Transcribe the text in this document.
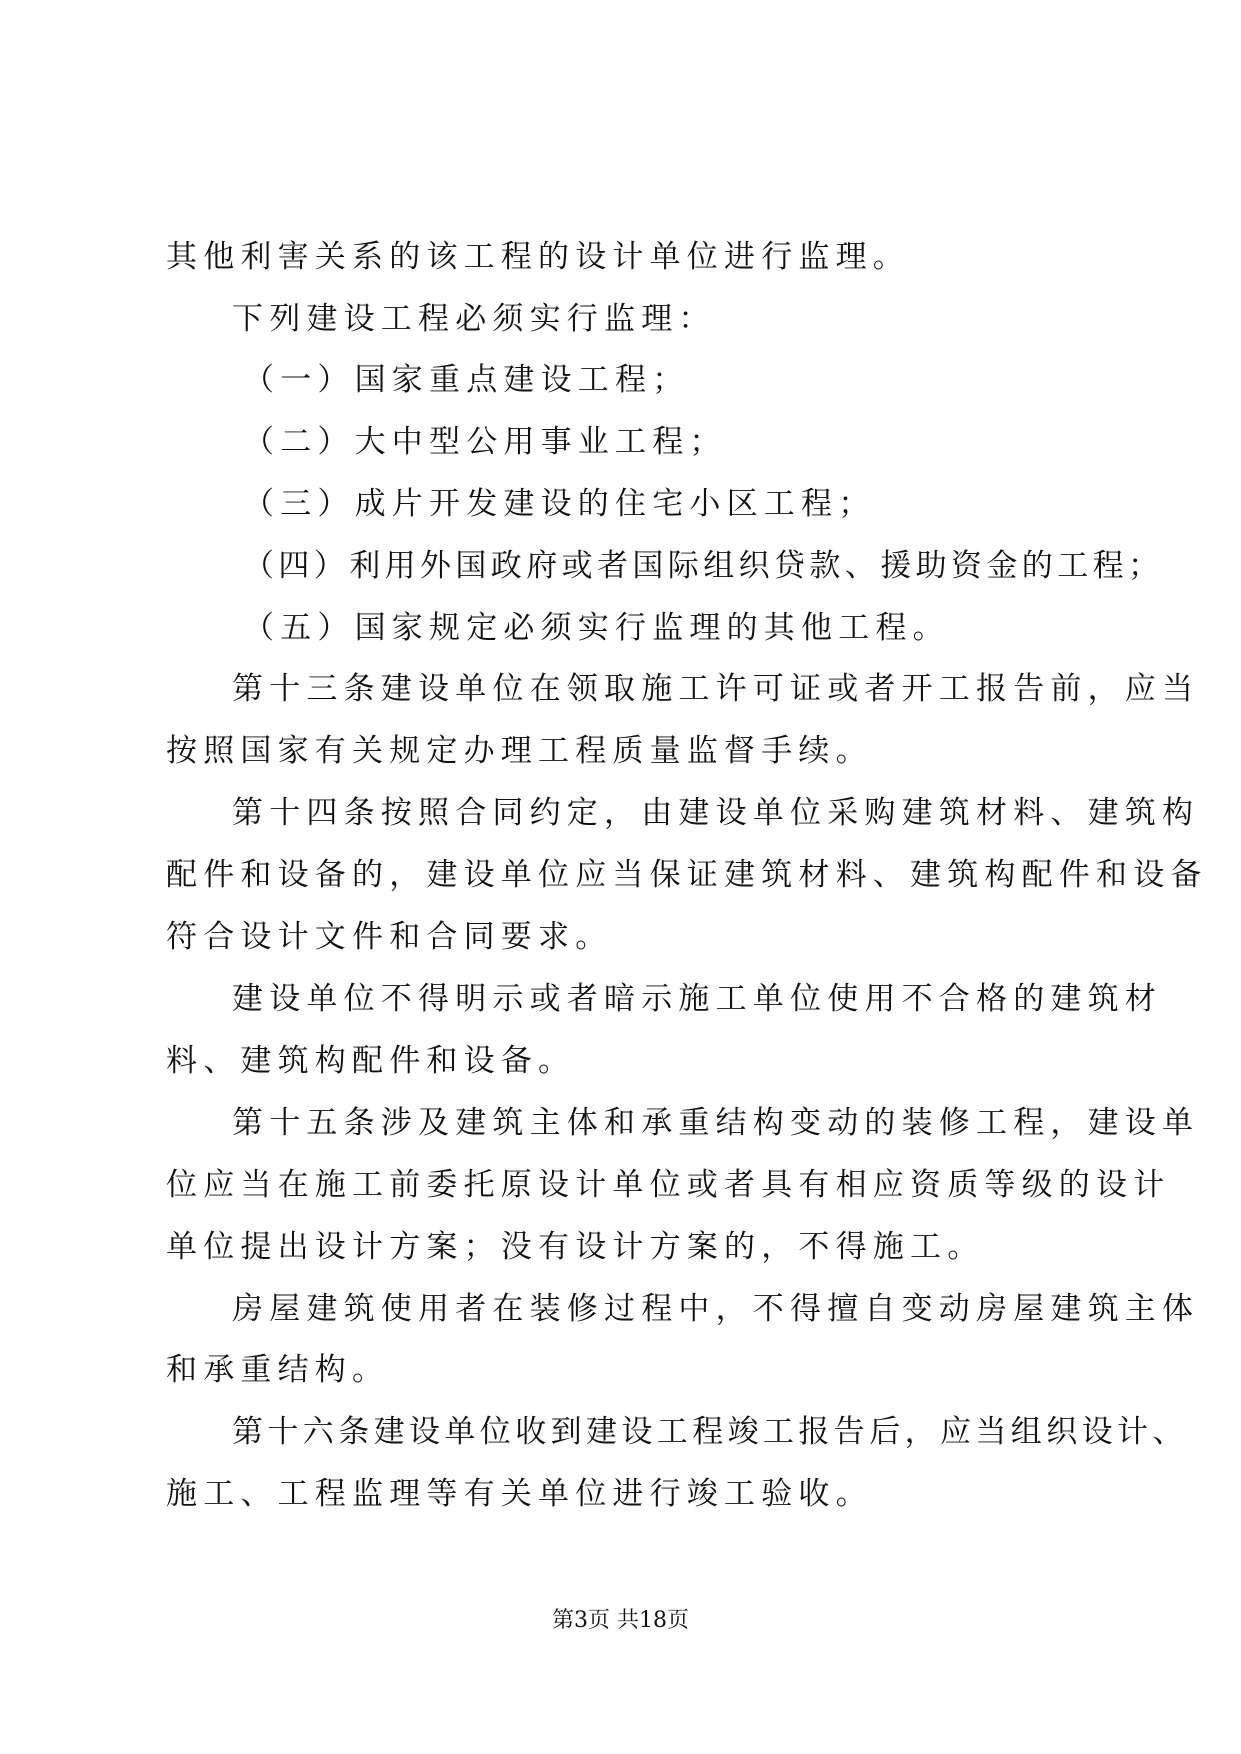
其他利害关系的该工程的设计单位进行监理。
下列建设工程必须实行监理：
（一）国家重点建设工程；
（二）大中型公用事业工程；
（三）成片开发建设的住宅小区工程；
（四）利用外国政府或者国际组织贷款、援助资金的工程；
（五）国家规定必须实行监理的其他工程。
第十三条建设单位在领取施工许可证或者开工报告前，应当
按照国家有关规定办理工程质量监督手续。
第十四条按照合同约定，由建设单位采购建筑材料、建筑构
配件和设备的，建设单位应当保证建筑材料、建筑构配件和设备
符合设计文件和合同要求。
建设单位不得明示或者暗示施工单位使用不合格的建筑材
料、建筑构配件和设备。
第十五条涉及建筑主体和承重结构变动的装修工程，建设单
位应当在施工前委托原设计单位或者具有相应资质等级的设计
单位提出设计方案；没有设计方案的，不得施工。
房屋建筑使用者在装修过程中，不得擅自变动房屋建筑主体
和承重结构。
第十六条建设单位收到建设工程竣工报告后，应当组织设计、
施工、工程监理等有关单位进行竣工验收。
第3页 共18页
